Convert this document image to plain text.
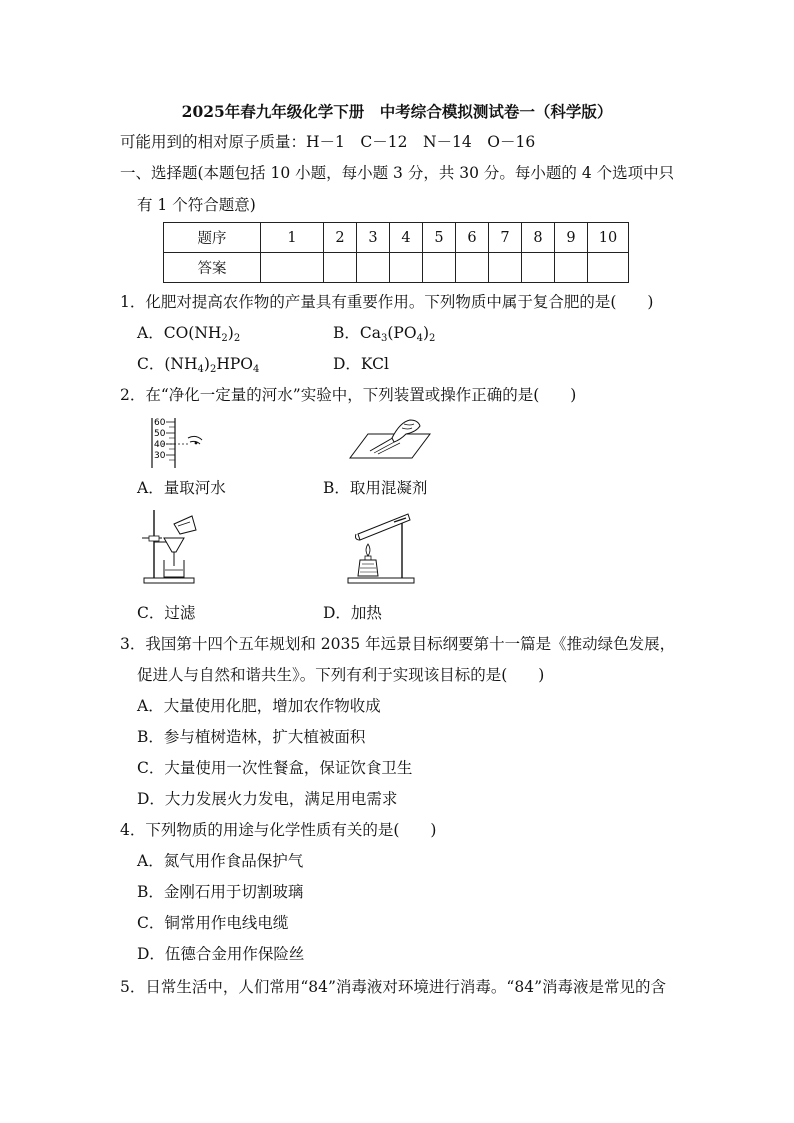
2025年春九年级化学下册　中考综合模拟测试卷一（科学版）
可能用到的相对原子质量：H－1　C－12　N－14　O－16
一、选择题(本题包括 10 小题，每小题 3 分，共 30 分。每小题的 4 个选项中只
有 1 个符合题意)
题序	1	2	3	4	5	6	7	8	9	10
答案										
1．化肥对提高农作物的产量具有重要作用。下列物质中属于复合肥的是(　　)
A．$CO(NH_2)_2$	B．$Ca_3(PO_4)_2$
C．$(NH_4)_2HPO_4$	D．KCl
2．在“净化一定量的河水”实验中，下列装置或操作正确的是(　　)
60
50
40
30
A．量取河水	B．取用混凝剂
C．过滤	D．加热
3．我国第十四个五年规划和 2035 年远景目标纲要第十一篇是《推动绿色发展，
促进人与自然和谐共生》。下列有利于实现该目标的是(　　)
A．大量使用化肥，增加农作物收成
B．参与植树造林，扩大植被面积
C．大量使用一次性餐盒，保证饮食卫生
D．大力发展火力发电，满足用电需求
4．下列物质的用途与化学性质有关的是(　　)
A．氮气用作食品保护气
B．金刚石用于切割玻璃
C．铜常用作电线电缆
D．伍德合金用作保险丝
5．日常生活中，人们常用“84”消毒液对环境进行消毒。“84”消毒液是常见的含
